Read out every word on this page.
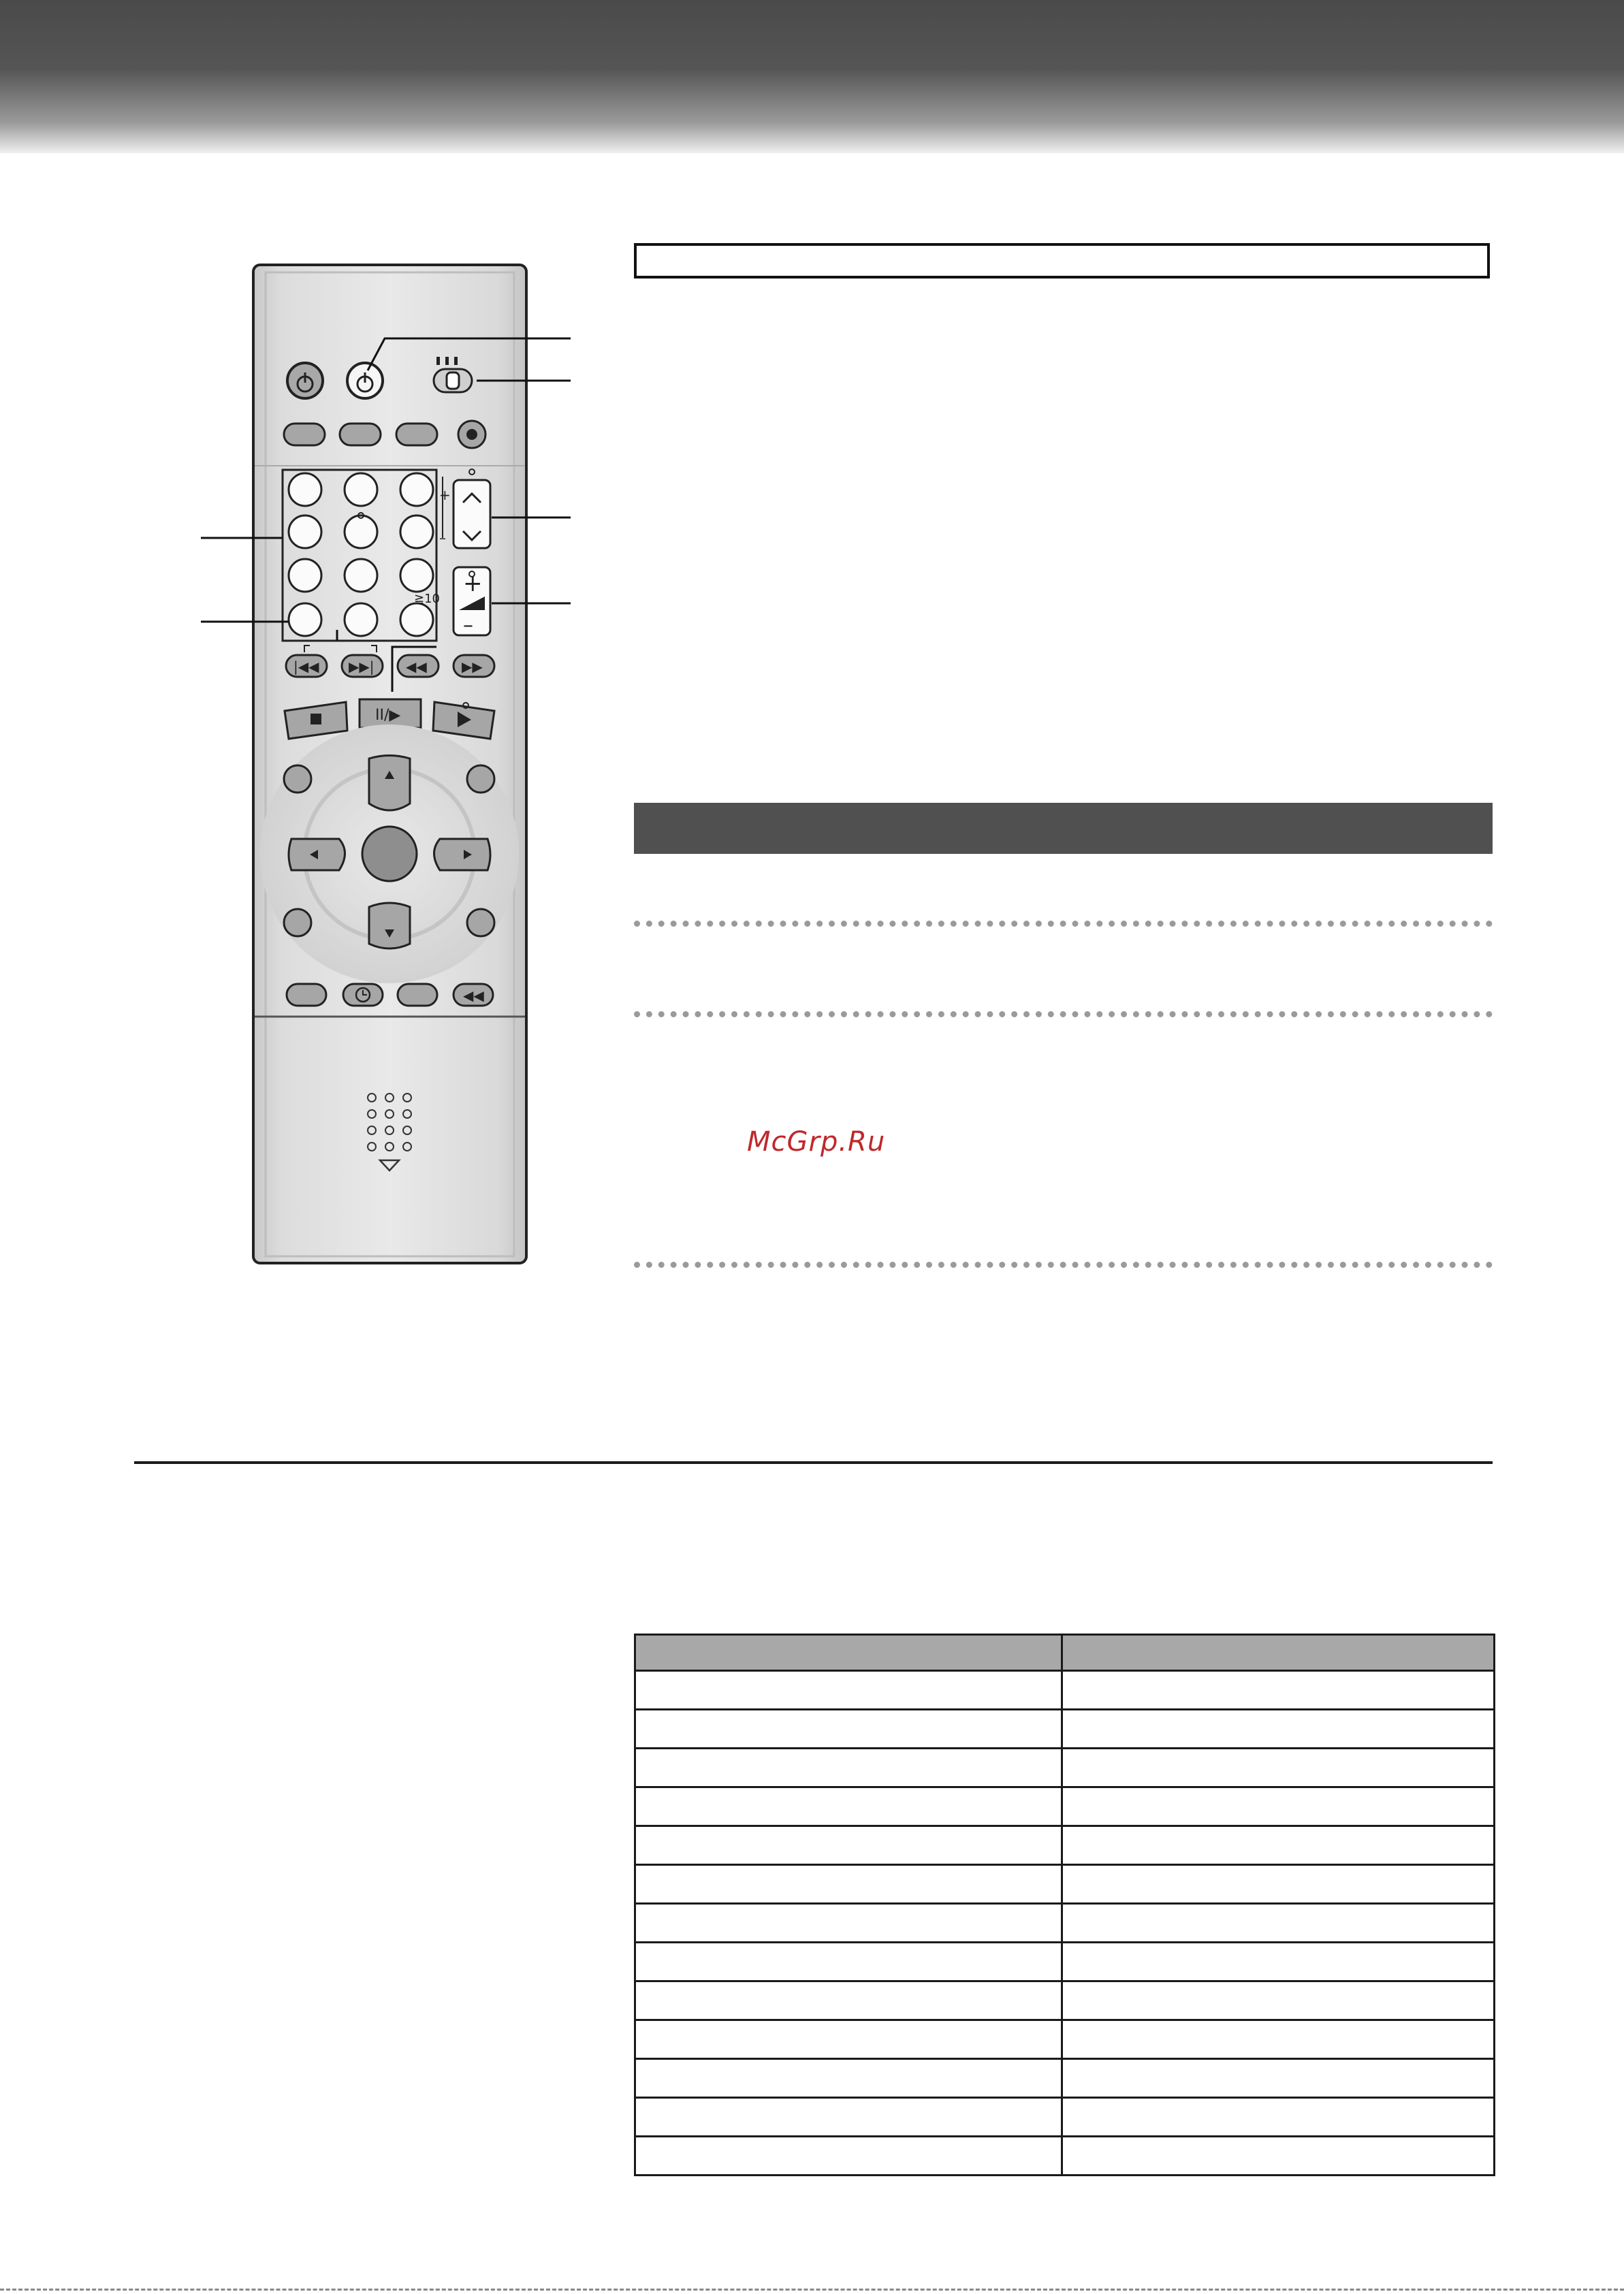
≧10
+
–
+
–
|◀◀ ▶▶| ◀◀	▶▶
II/▶
◀◀
McGrp.Ru
